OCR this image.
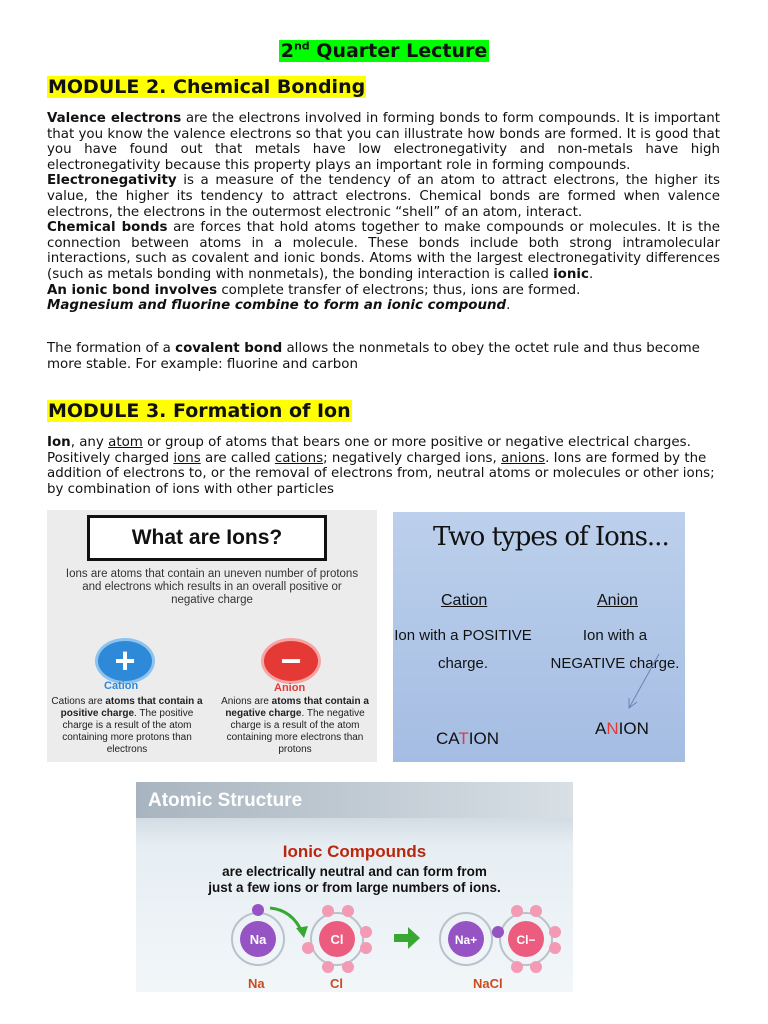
2nd Quarter Lecture
MODULE 2. Chemical Bonding

Valence electrons are the electrons involved in forming bonds to form compounds. It is important that you know the valence electrons so that you can illustrate how bonds are formed. It is good that you have found out that metals have low electronegativity and non-metals have high electronegativity because this property plays an important role in forming compounds.

Electronegativity is a measure of the tendency of an atom to attract electrons, the higher its value, the higher its tendency to attract electrons. Chemical bonds are formed when valence electrons, the electrons in the outermost electronic “shell” of an atom, interact.

Chemical bonds are forces that hold atoms together to make compounds or molecules. It is the connection between atoms in a molecule. These bonds include both strong intramolecular interactions, such as covalent and ionic bonds. Atoms with the largest electronegativity differences (such as metals bonding with nonmetals), the bonding interaction is called ionic.

An ionic bond involves complete transfer of electrons; thus, ions are formed.

Magnesium and fluorine combine to form an ionic compound.

The formation of a covalent bond allows the nonmetals to obey the octet rule and thus become more stable. For example: fluorine and carbon

MODULE 3. Formation of Ion

Ion, any atom or group of atoms that bears one or more positive or negative electrical charges. Positively charged ions are called cations; negatively charged ions, anions. Ions are formed by the addition of electrons to, or the removal of electrons from, neutral atoms or molecules or other ions; by combination of ions with other particles

What are Ions?
Ions are atoms that contain an uneven number of protons and electrons which results in an overall positive or negative charge
+	−
Cation	Anion
Cations are atoms that contain a positive charge. The positive charge is a result of the atom containing more protons than electrons
Anions are atoms that contain a negative charge. The negative charge is a result of the atom containing more electrons than protons
Two types of Ions...
Cation	Anion
Ion with a POSITIVE charge.
Ion with a NEGATIVE charge.
CATION
ANION
Atomic Structure
Ionic Compounds
are electrically neutral and can form from
just a few ions or from large numbers of ions.
Na	Cl	Na+	Cl−
Na	Cl	NaCl
